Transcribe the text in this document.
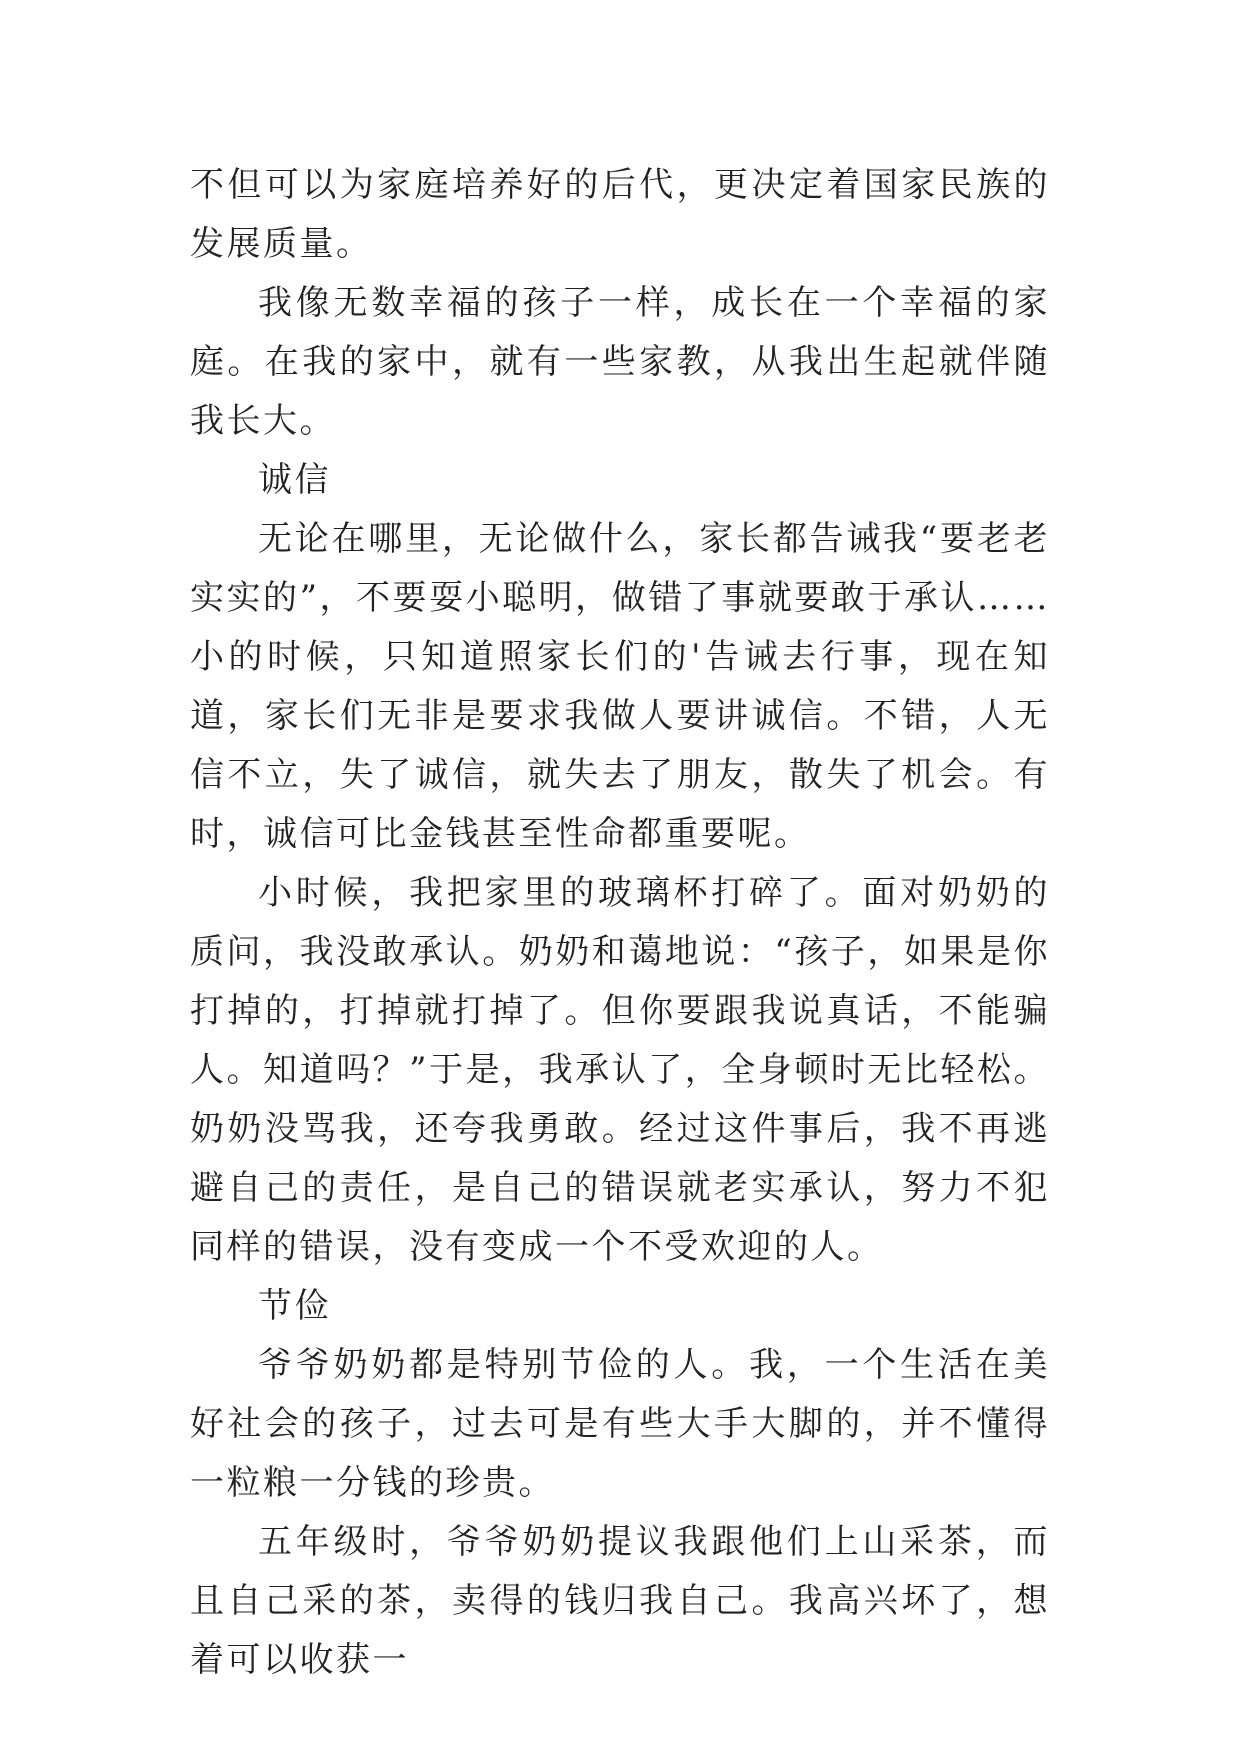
不但可以为家庭培养好的后代，更决定着国家民族的发展质量。

我像无数幸福的孩子一样，成长在一个幸福的家庭。在我的家中，就有一些家教，从我出生起就伴随我长大。

诚信

无论在哪里，无论做什么，家长都告诫我“要老老实实的”，不要耍小聪明，做错了事就要敢于承认……小的时候，只知道照家长们的'告诫去行事，现在知道，家长们无非是要求我做人要讲诚信。不错，人无信不立，失了诚信，就失去了朋友，散失了机会。有时，诚信可比金钱甚至性命都重要呢。

小时候，我把家里的玻璃杯打碎了。面对奶奶的质问，我没敢承认。奶奶和蔼地说：“孩子，如果是你打掉的，打掉就打掉了。但你要跟我说真话，不能骗人。知道吗？”于是，我承认了，全身顿时无比轻松。奶奶没骂我，还夸我勇敢。经过这件事后，我不再逃避自己的责任，是自己的错误就老实承认，努力不犯同样的错误，没有变成一个不受欢迎的人。

节俭

爷爷奶奶都是特别节俭的人。我，一个生活在美好社会的孩子，过去可是有些大手大脚的，并不懂得一粒粮一分钱的珍贵。

五年级时，爷爷奶奶提议我跟他们上山采茶，而且自己采的茶，卖得的钱归我自己。我高兴坏了，想着可以收获一
